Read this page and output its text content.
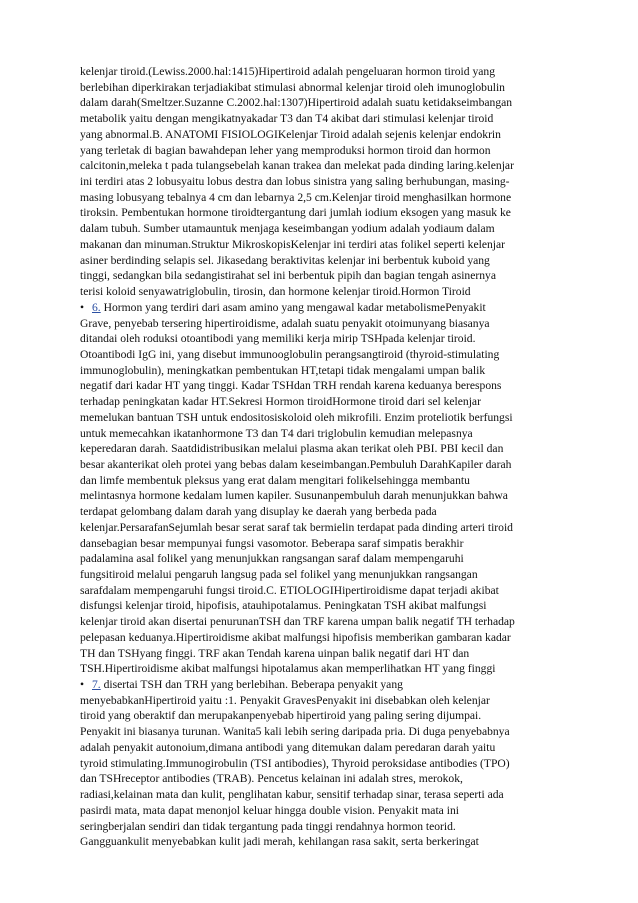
kelenjar tiroid.(Lewiss.2000.hal:1415)Hipertiroid adalah pengeluaran hormon tiroid yang
berlebihan diperkirakan terjadiakibat stimulasi abnormal kelenjar tiroid oleh imunoglobulin
dalam darah(Smeltzer.Suzanne C.2002.hal:1307)Hipertiroid adalah suatu ketidakseimbangan
metabolik yaitu dengan mengikatnyakadar T3 dan T4 akibat dari stimulasi kelenjar tiroid
yang abnormal.B. ANATOMI FISIOLOGIKelenjar Tiroid adalah sejenis kelenjar endokrin
yang terletak di bagian bawahdepan leher yang memproduksi hormon tiroid dan hormon
calcitonin,meleka t pada tulangsebelah kanan trakea dan melekat pada dinding laring.kelenjar
ini terdiri atas 2 lobusyaitu lobus destra dan lobus sinistra yang saling berhubungan, masing-
masing lobusyang tebalnya 4 cm dan lebarnya 2,5 cm.Kelenjar tiroid menghasilkan hormone
tiroksin. Pembentukan hormone tiroidtergantung dari jumlah iodium eksogen yang masuk ke
dalam tubuh. Sumber utamauntuk menjaga keseimbangan yodium adalah yodiaum dalam
makanan dan minuman.Struktur MikroskopisKelenjar ini terdiri atas folikel seperti kelenjar
asiner berdinding selapis sel. Jikasedang beraktivitas kelenjar ini berbentuk kuboid yang
tinggi, sedangkan bila sedangistirahat sel ini berbentuk pipih dan bagian tengah asinernya
terisi koloid senyawatriglobulin, tirosin, dan hormone kelenjar tiroid.Hormon Tiroid
• 6. Hormon yang terdiri dari asam amino yang mengawal kadar metabolismePenyakit
Grave, penyebab tersering hipertiroidisme, adalah suatu penyakit otoimunyang biasanya
ditandai oleh roduksi otoantibodi yang memiliki kerja mirip TSHpada kelenjar tiroid.
Otoantibodi IgG ini, yang disebut immunooglobulin perangsangtiroid (thyroid-stimulating
immunoglobulin), meningkatkan pembentukan HT,tetapi tidak mengalami umpan balik
negatif dari kadar HT yang tinggi. Kadar TSHdan TRH rendah karena keduanya berespons
terhadap peningkatan kadar HT.Sekresi Hormon tiroidHormone tiroid dari sel kelenjar
memelukan bantuan TSH untuk endositosiskoloid oleh mikrofili. Enzim proteliotik berfungsi
untuk memecahkan ikatanhormone T3 dan T4 dari triglobulin kemudian melepasnya
keperedaran darah. Saatdidistribusikan melalui plasma akan terikat oleh PBI. PBI kecil dan
besar akanterikat oleh protei yang bebas dalam keseimbangan.Pembuluh DarahKapiler darah
dan limfe membentuk pleksus yang erat dalam mengitari folikelsehingga membantu
melintasnya hormone kedalam lumen kapiler. Susunanpembuluh darah menunjukkan bahwa
terdapat gelombang dalam darah yang disuplay ke daerah yang berbeda pada
kelenjar.PersarafanSejumlah besar serat saraf tak bermielin terdapat pada dinding arteri tiroid
dansebagian besar mempunyai fungsi vasomotor. Beberapa saraf simpatis berakhir
padalamina asal folikel yang menunjukkan rangsangan saraf dalam mempengaruhi
fungsitiroid melalui pengaruh langsug pada sel folikel yang menunjukkan rangsangan
sarafdalam mempengaruhi fungsi tiroid.C. ETIOLOGIHipertiroidisme dapat terjadi akibat
disfungsi kelenjar tiroid, hipofisis, atauhipotalamus. Peningkatan TSH akibat malfungsi
kelenjar tiroid akan disertai penurunanTSH dan TRF karena umpan balik negatif TH terhadap
pelepasan keduanya.Hipertiroidisme akibat malfungsi hipofisis memberikan gambaran kadar
TH dan TSHyang finggi. TRF akan Tendah karena uinpan balik negatif dari HT dan
TSH.Hipertiroidisme akibat malfungsi hipotalamus akan memperlihatkan HT yang finggi
• 7. disertai TSH dan TRH yang berlebihan. Beberapa penyakit yang
menyebabkanHipertiroid yaitu :1. Penyakit GravesPenyakit ini disebabkan oleh kelenjar
tiroid yang oberaktif dan merupakanpenyebab hipertiroid yang paling sering dijumpai.
Penyakit ini biasanya turunan. Wanita5 kali lebih sering daripada pria. Di duga penyebabnya
adalah penyakit autonoium,dimana antibodi yang ditemukan dalam peredaran darah yaitu
tyroid stimulating.Immunogirobulin (TSI antibodies), Thyroid peroksidase antibodies (TPO)
dan TSHreceptor antibodies (TRAB). Pencetus kelainan ini adalah stres, merokok,
radiasi,kelainan mata dan kulit, penglihatan kabur, sensitif terhadap sinar, terasa seperti ada
pasirdi mata, mata dapat menonjol keluar hingga double vision. Penyakit mata ini
seringberjalan sendiri dan tidak tergantung pada tinggi rendahnya hormon teorid.
Gangguankulit menyebabkan kulit jadi merah, kehilangan rasa sakit, serta berkeringat
